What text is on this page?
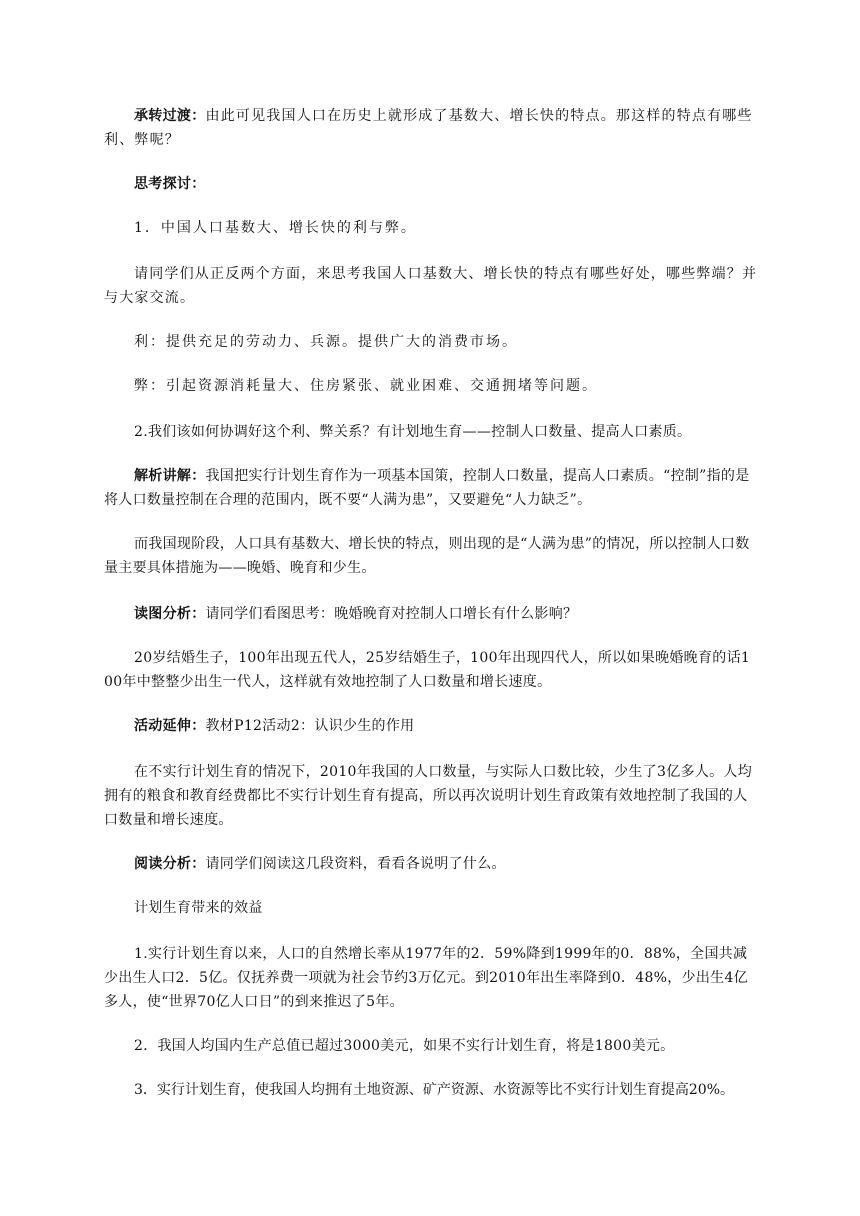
承转过渡：由此可见我国人口在历史上就形成了基数大、增长快的特点。那这样的特点有哪些利、弊呢？

思考探讨：

1．中国人口基数大、增长快的利与弊。

请同学们从正反两个方面，来思考我国人口基数大、增长快的特点有哪些好处，哪些弊端？并与大家交流。

利：提供充足的劳动力、兵源。提供广大的消费市场。

弊：引起资源消耗量大、住房紧张、就业困难、交通拥堵等问题。

2.我们该如何协调好这个利、弊关系？有计划地生育——控制人口数量、提高人口素质。

解析讲解：我国把实行计划生育作为一项基本国策，控制人口数量，提高人口素质。“控制”指的是将人口数量控制在合理的范围内，既不要“人满为患”，又要避免“人力缺乏”。

而我国现阶段，人口具有基数大、增长快的特点，则出现的是“人满为患”的情况，所以控制人口数量主要具体措施为——晚婚、晚育和少生。

读图分析：请同学们看图思考：晚婚晚育对控制人口增长有什么影响？

20岁结婚生子，100年出现五代人，25岁结婚生子，100年出现四代人，所以如果晚婚晚育的话100年中整整少出生一代人，这样就有效地控制了人口数量和增长速度。

活动延伸：教材P12活动2：认识少生的作用

在不实行计划生育的情况下，2010年我国的人口数量，与实际人口数比较，少生了3亿多人。人均拥有的粮食和教育经费都比不实行计划生育有提高，所以再次说明计划生育政策有效地控制了我国的人口数量和增长速度。

阅读分析：请同学们阅读这几段资料，看看各说明了什么。

计划生育带来的效益

1.实行计划生育以来，人口的自然增长率从1977年的2．59%降到1999年的0．88%，全国共减少出生人口2．5亿。仅抚养费一项就为社会节约3万亿元。到2010年出生率降到0．48%，少出生4亿多人，使“世界70亿人口日”的到来推迟了5年。

2．我国人均国内生产总值已超过3000美元，如果不实行计划生育，将是1800美元。

3．实行计划生育，使我国人均拥有土地资源、矿产资源、水资源等比不实行计划生育提高20%。
